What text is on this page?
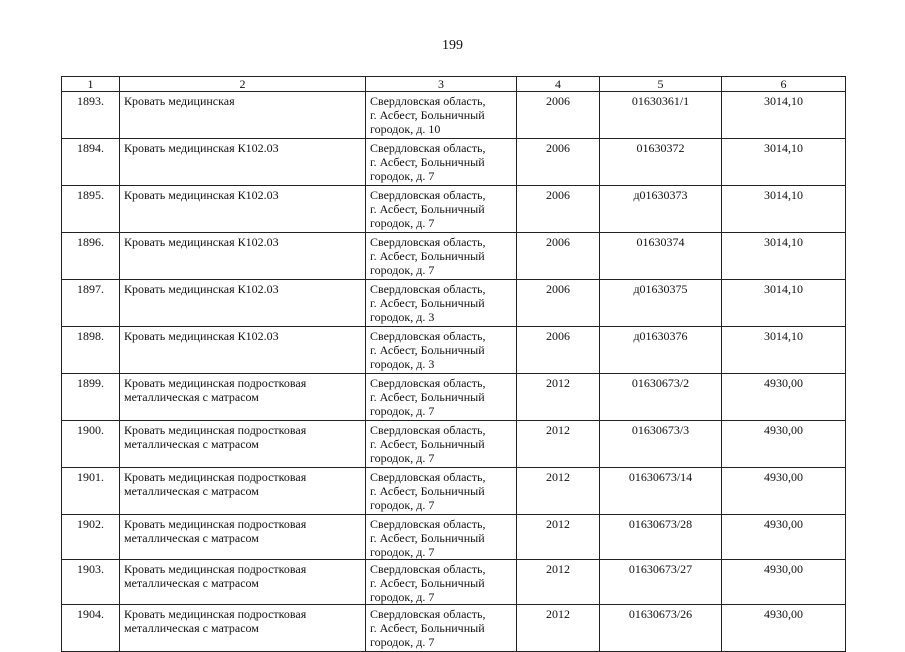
199
1	2	3	4	5	6
1893.	Кровать медицинская	Свердловская область,
г. Асбест, Больничный
городок, д. 10	2006	01630361/1	3014,10
1894.	Кровать медицинская К102.03	Свердловская область,
г. Асбест, Больничный
городок, д. 7	2006	01630372	3014,10
1895.	Кровать медицинская К102.03	Свердловская область,
г. Асбест, Больничный
городок, д. 7	2006	д01630373	3014,10
1896.	Кровать медицинская К102.03	Свердловская область,
г. Асбест, Больничный
городок, д. 7	2006	01630374	3014,10
1897.	Кровать медицинская К102.03	Свердловская область,
г. Асбест, Больничный
городок, д. 3	2006	д01630375	3014,10
1898.	Кровать медицинская К102.03	Свердловская область,
г. Асбест, Больничный
городок, д. 3	2006	д01630376	3014,10
1899.	Кровать медицинская подростковая
металлическая с матрасом	Свердловская область,
г. Асбест, Больничный
городок, д. 7	2012	01630673/2	4930,00
1900.	Кровать медицинская подростковая
металлическая с матрасом	Свердловская область,
г. Асбест, Больничный
городок, д. 7	2012	01630673/3	4930,00
1901.	Кровать медицинская подростковая
металлическая с матрасом	Свердловская область,
г. Асбест, Больничный
городок, д. 7	2012	01630673/14	4930,00
1902.	Кровать медицинская подростковая
металлическая с матрасом	Свердловская область,
г. Асбест, Больничный
городок, д. 7	2012	01630673/28	4930,00
1903.	Кровать медицинская подростковая
металлическая с матрасом	Свердловская область,
г. Асбест, Больничный
городок, д. 7	2012	01630673/27	4930,00
1904.	Кровать медицинская подростковая
металлическая с матрасом	Свердловская область,
г. Асбест, Больничный
городок, д. 7	2012	01630673/26	4930,00
